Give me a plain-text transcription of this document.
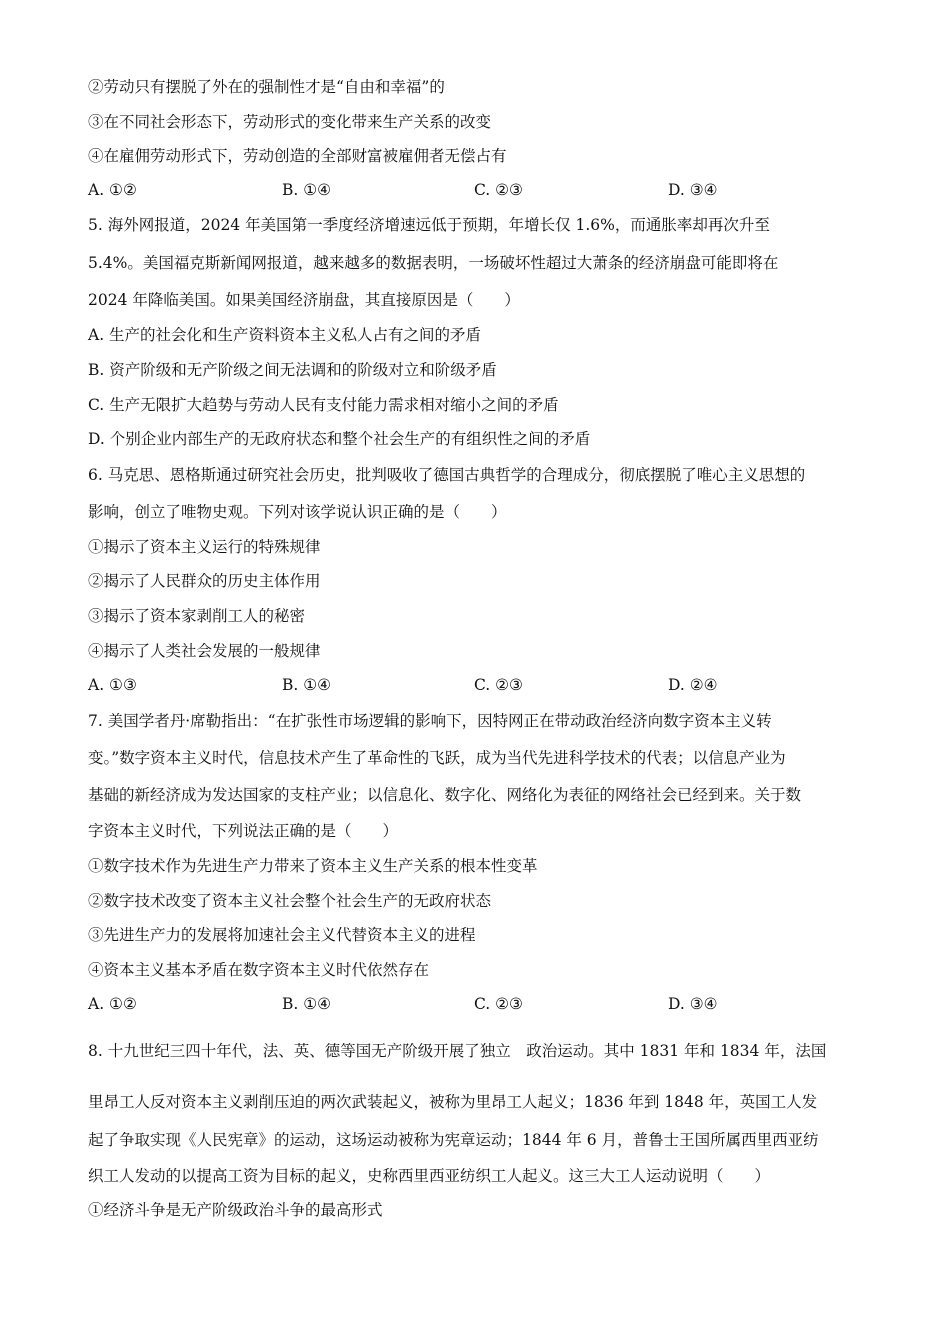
②劳动只有摆脱了外在的强制性才是“自由和幸福”的
③在不同社会形态下，劳动形式的变化带来生产关系的改变
④在雇佣劳动形式下，劳动创造的全部财富被雇佣者无偿占有
A. ①②	B. ①④	C. ②③	D. ③④
5. 海外网报道，2024 年美国第一季度经济增速远低于预期，年增长仅 1.6%，而通胀率却再次升至
5.4%。美国福克斯新闻网报道，越来越多的数据表明，一场破坏性超过大萧条的经济崩盘可能即将在
2024 年降临美国。如果美国经济崩盘，其直接原因是（　　）
A. 生产的社会化和生产资料资本主义私人占有之间的矛盾
B. 资产阶级和无产阶级之间无法调和的阶级对立和阶级矛盾
C. 生产无限扩大趋势与劳动人民有支付能力需求相对缩小之间的矛盾
D. 个别企业内部生产的无政府状态和整个社会生产的有组织性之间的矛盾
6. 马克思、恩格斯通过研究社会历史，批判吸收了德国古典哲学的合理成分，彻底摆脱了唯心主义思想的
影响，创立了唯物史观。下列对该学说认识正确的是（　　）
①揭示了资本主义运行的特殊规律
②揭示了人民群众的历史主体作用
③揭示了资本家剥削工人的秘密
④揭示了人类社会发展的一般规律
A. ①③	B. ①④	C. ②③	D. ②④
7. 美国学者丹·席勒指出：“在扩张性市场逻辑的影响下，因特网正在带动政治经济向数字资本主义转
变。”数字资本主义时代，信息技术产生了革命性的飞跃，成为当代先进科学技术的代表；以信息产业为
基础的新经济成为发达国家的支柱产业；以信息化、数字化、网络化为表征的网络社会已经到来。关于数
字资本主义时代，下列说法正确的是（　　）
①数字技术作为先进生产力带来了资本主义生产关系的根本性变革
②数字技术改变了资本主义社会整个社会生产的无政府状态
③先进生产力的发展将加速社会主义代替资本主义的进程
④资本主义基本矛盾在数字资本主义时代依然存在
A. ①②	B. ①④	C. ②③	D. ③④
8. 十九世纪三四十年代，法、英、德等国无产阶级开展了独立　政治运动。其中 1831 年和 1834 年，法国
里昂工人反对资本主义剥削压迫的两次武装起义，被称为里昂工人起义；1836 年到 1848 年，英国工人发
起了争取实现《人民宪章》的运动，这场运动被称为宪章运动；1844 年 6 月，普鲁士王国所属西里西亚纺
织工人发动的以提高工资为目标的起义，史称西里西亚纺织工人起义。这三大工人运动说明（　　）
①经济斗争是无产阶级政治斗争的最高形式
